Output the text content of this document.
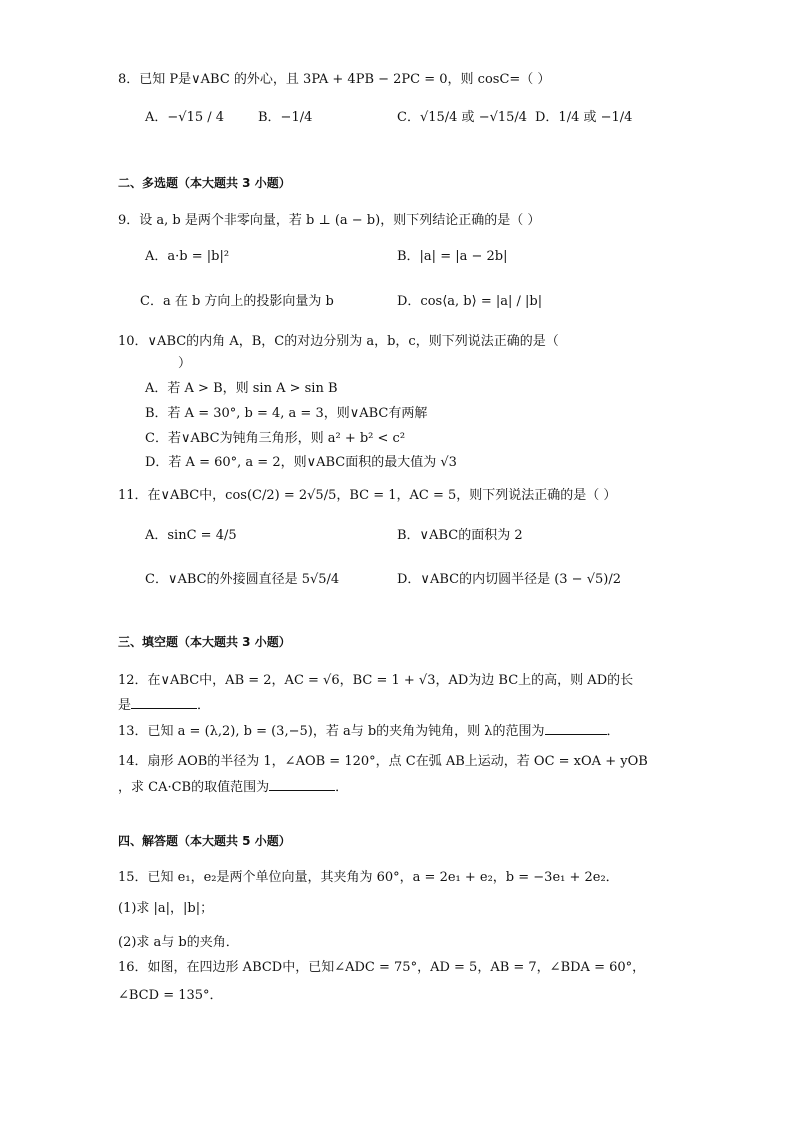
8．已知 P是∨ABC 的外心，且 3PA + 4PB − 2PC = 0，则 cosC=（ ）
A．−√15 / 4	B．−1/4	C．√15/4 或 −√15/4 D．1/4 或 −1/4
二、多选题（本大题共 3 小题）
9．设 a, b 是两个非零向量，若 b ⊥ (a − b)，则下列结论正确的是（ ）
A．a·b = |b|²	B．|a| = |a − 2b|
C．a 在 b 方向上的投影向量为 b	D．cos⟨a, b⟩ = |a| / |b|
10．∨ABC的内角 A，B，C的对边分别为 a，b，c，则下列说法正确的是（
）
A．若 A > B，则 sin A > sin B
B．若 A = 30°, b = 4, a = 3，则∨ABC有两解
C．若∨ABC为钝角三角形，则 a² + b² < c²
D．若 A = 60°, a = 2，则∨ABC面积的最大值为 √3
11．在∨ABC中，cos(C/2) = 2√5/5，BC = 1，AC = 5，则下列说法正确的是（ ）
A．sinC = 4/5	B．∨ABC的面积为 2
C．∨ABC的外接圆直径是 5√5/4	D．∨ABC的内切圆半径是 (3 − √5)/2
三、填空题（本大题共 3 小题）
12．在∨ABC中，AB = 2，AC = √6，BC = 1 + √3，AD为边 BC上的高，则 AD的长
是	．
13．已知 a = (λ,2), b = (3,−5)，若 a与 b的夹角为钝角，则 λ的范围为	．
14．扇形 AOB的半径为 1，∠AOB = 120°，点 C在弧 AB上运动，若 OC = xOA + yOB
，求 CA·CB的取值范围为	．
四、解答题（本大题共 5 小题）
15．已知 e₁，e₂是两个单位向量，其夹角为 60°，a = 2e₁ + e₂，b = −3e₁ + 2e₂．
(1)求 |a|，|b|；
(2)求 a与 b的夹角．
16．如图，在四边形 ABCD中，已知∠ADC = 75°，AD = 5，AB = 7，∠BDA = 60°，
∠BCD = 135°．
